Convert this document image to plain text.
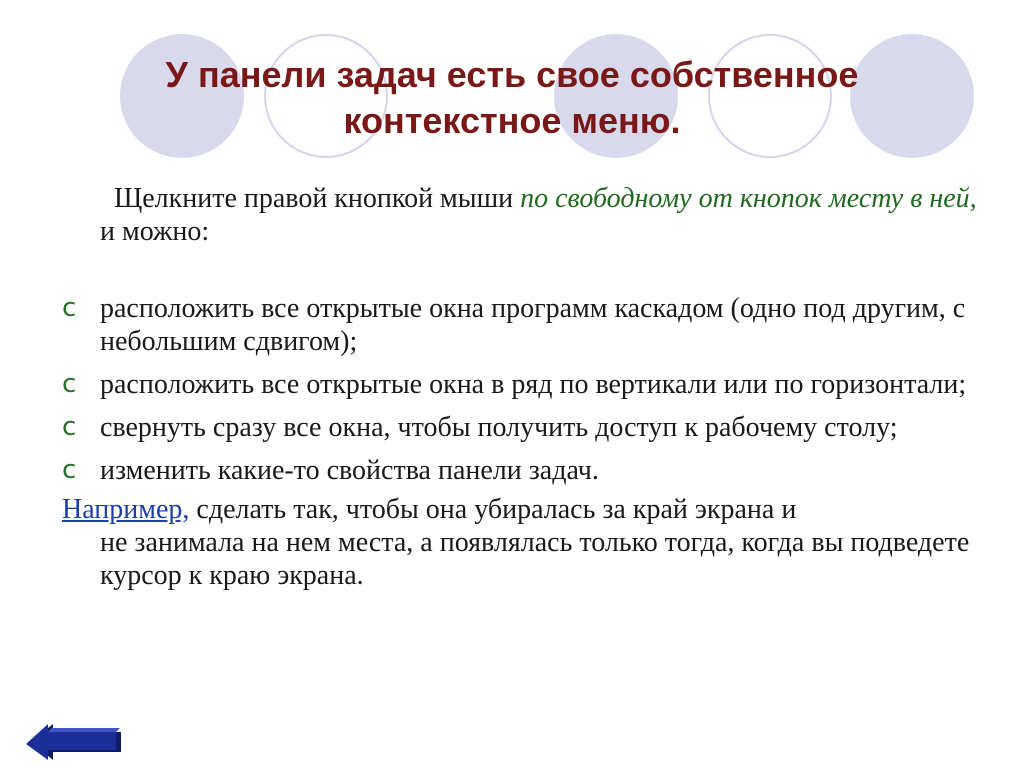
У панели задач есть свое собственное
контекстное меню.
Щелкните правой кнопкой мыши по свободному от кнопок месту в ней, и можно:
ⅽ расположить все открытые окна программ каскадом (одно под другим, с небольшим сдвигом);
ⅽ расположить все открытые окна в ряд по вертикали или по горизонтали;
ⅽ свернуть сразу все окна, чтобы получить доступ к рабочему столу;
ⅽ изменить какие-то свойства панели задач.
Например, сделать так, чтобы она убиралась за край экрана и
не занимала на нем места, а появлялась только тогда, когда вы подведете курсор к краю экрана.
